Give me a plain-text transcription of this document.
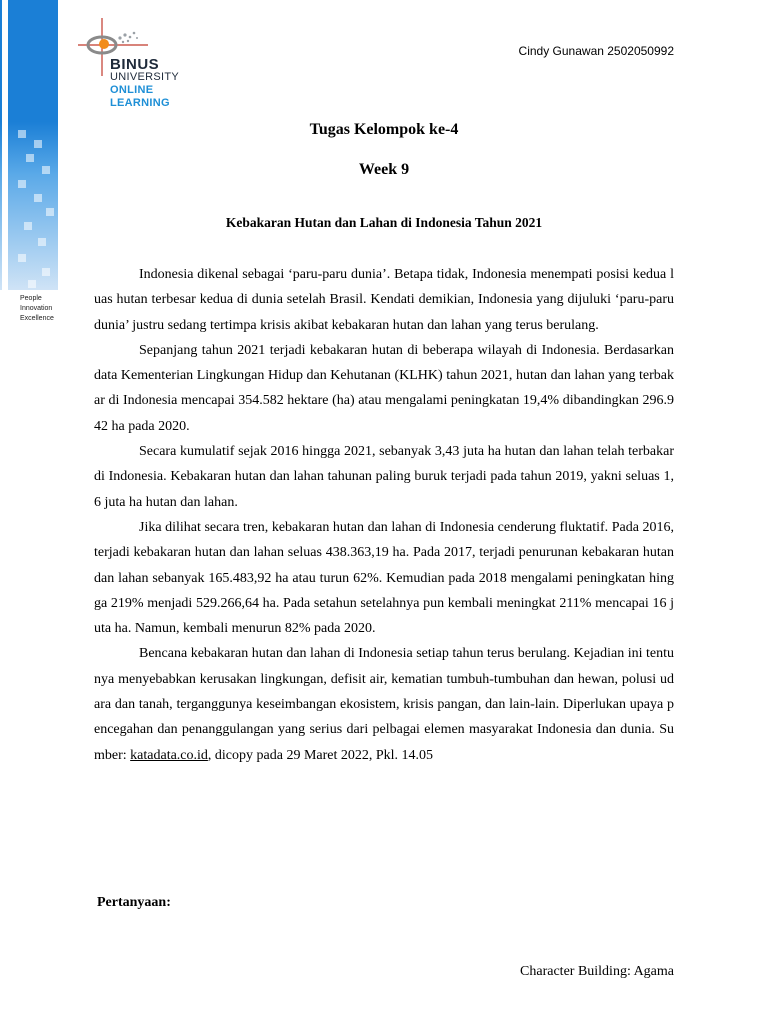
People
Innovation
Excellence
BINUS
UNIVERSITY
ONLINE
LEARNING
Cindy Gunawan 2502050992
Tugas Kelompok ke-4
Week 9
Kebakaran Hutan dan Lahan di Indonesia Tahun 2021

Indonesia dikenal sebagai ‘paru-paru dunia’. Betapa tidak, Indonesia menempati posisi kedua luas hutan terbesar kedua di dunia setelah Brasil. Kendati demikian, Indonesia yang dijuluki ‘paru-paru dunia’ justru sedang tertimpa krisis akibat kebakaran hutan dan lahan yang terus berulang.

Sepanjang tahun 2021 terjadi kebakaran hutan di beberapa wilayah di Indonesia. Berdasarkan data Kementerian Lingkungan Hidup dan Kehutanan (KLHK) tahun 2021, hutan dan lahan yang terbakar di Indonesia mencapai 354.582 hektare (ha) atau mengalami peningkatan 19,4% dibandingkan 296.942 ha pada 2020.

Secara kumulatif sejak 2016 hingga 2021, sebanyak 3,43 juta ha hutan dan lahan telah terbakar di Indonesia. Kebakaran hutan dan lahan tahunan paling buruk terjadi pada tahun 2019, yakni seluas 1,6 juta ha hutan dan lahan.

Jika dilihat secara tren, kebakaran hutan dan lahan di Indonesia cenderung fluktatif. Pada 2016, terjadi kebakaran hutan dan lahan seluas 438.363,19 ha. Pada 2017, terjadi penurunan kebakaran hutan dan lahan sebanyak 165.483,92 ha atau turun 62%. Kemudian pada 2018 mengalami peningkatan hingga 219% menjadi 529.266,64 ha. Pada setahun setelahnya pun kembali meningkat 211% mencapai 16 juta ha. Namun, kembali menurun 82% pada 2020.

Bencana kebakaran hutan dan lahan di Indonesia setiap tahun terus berulang. Kejadian ini tentunya menyebabkan kerusakan lingkungan, defisit air, kematian tumbuh-tumbuhan dan hewan, polusi udara dan tanah, terganggunya keseimbangan ekosistem, krisis pangan, dan lain-lain. Diperlukan upaya pencegahan dan penanggulangan yang serius dari pelbagai elemen masyarakat Indonesia dan dunia. Sumber: katadata.co.id, dicopy pada 29 Maret 2022, Pkl. 14.05

Pertanyaan:
Character Building: Agama
